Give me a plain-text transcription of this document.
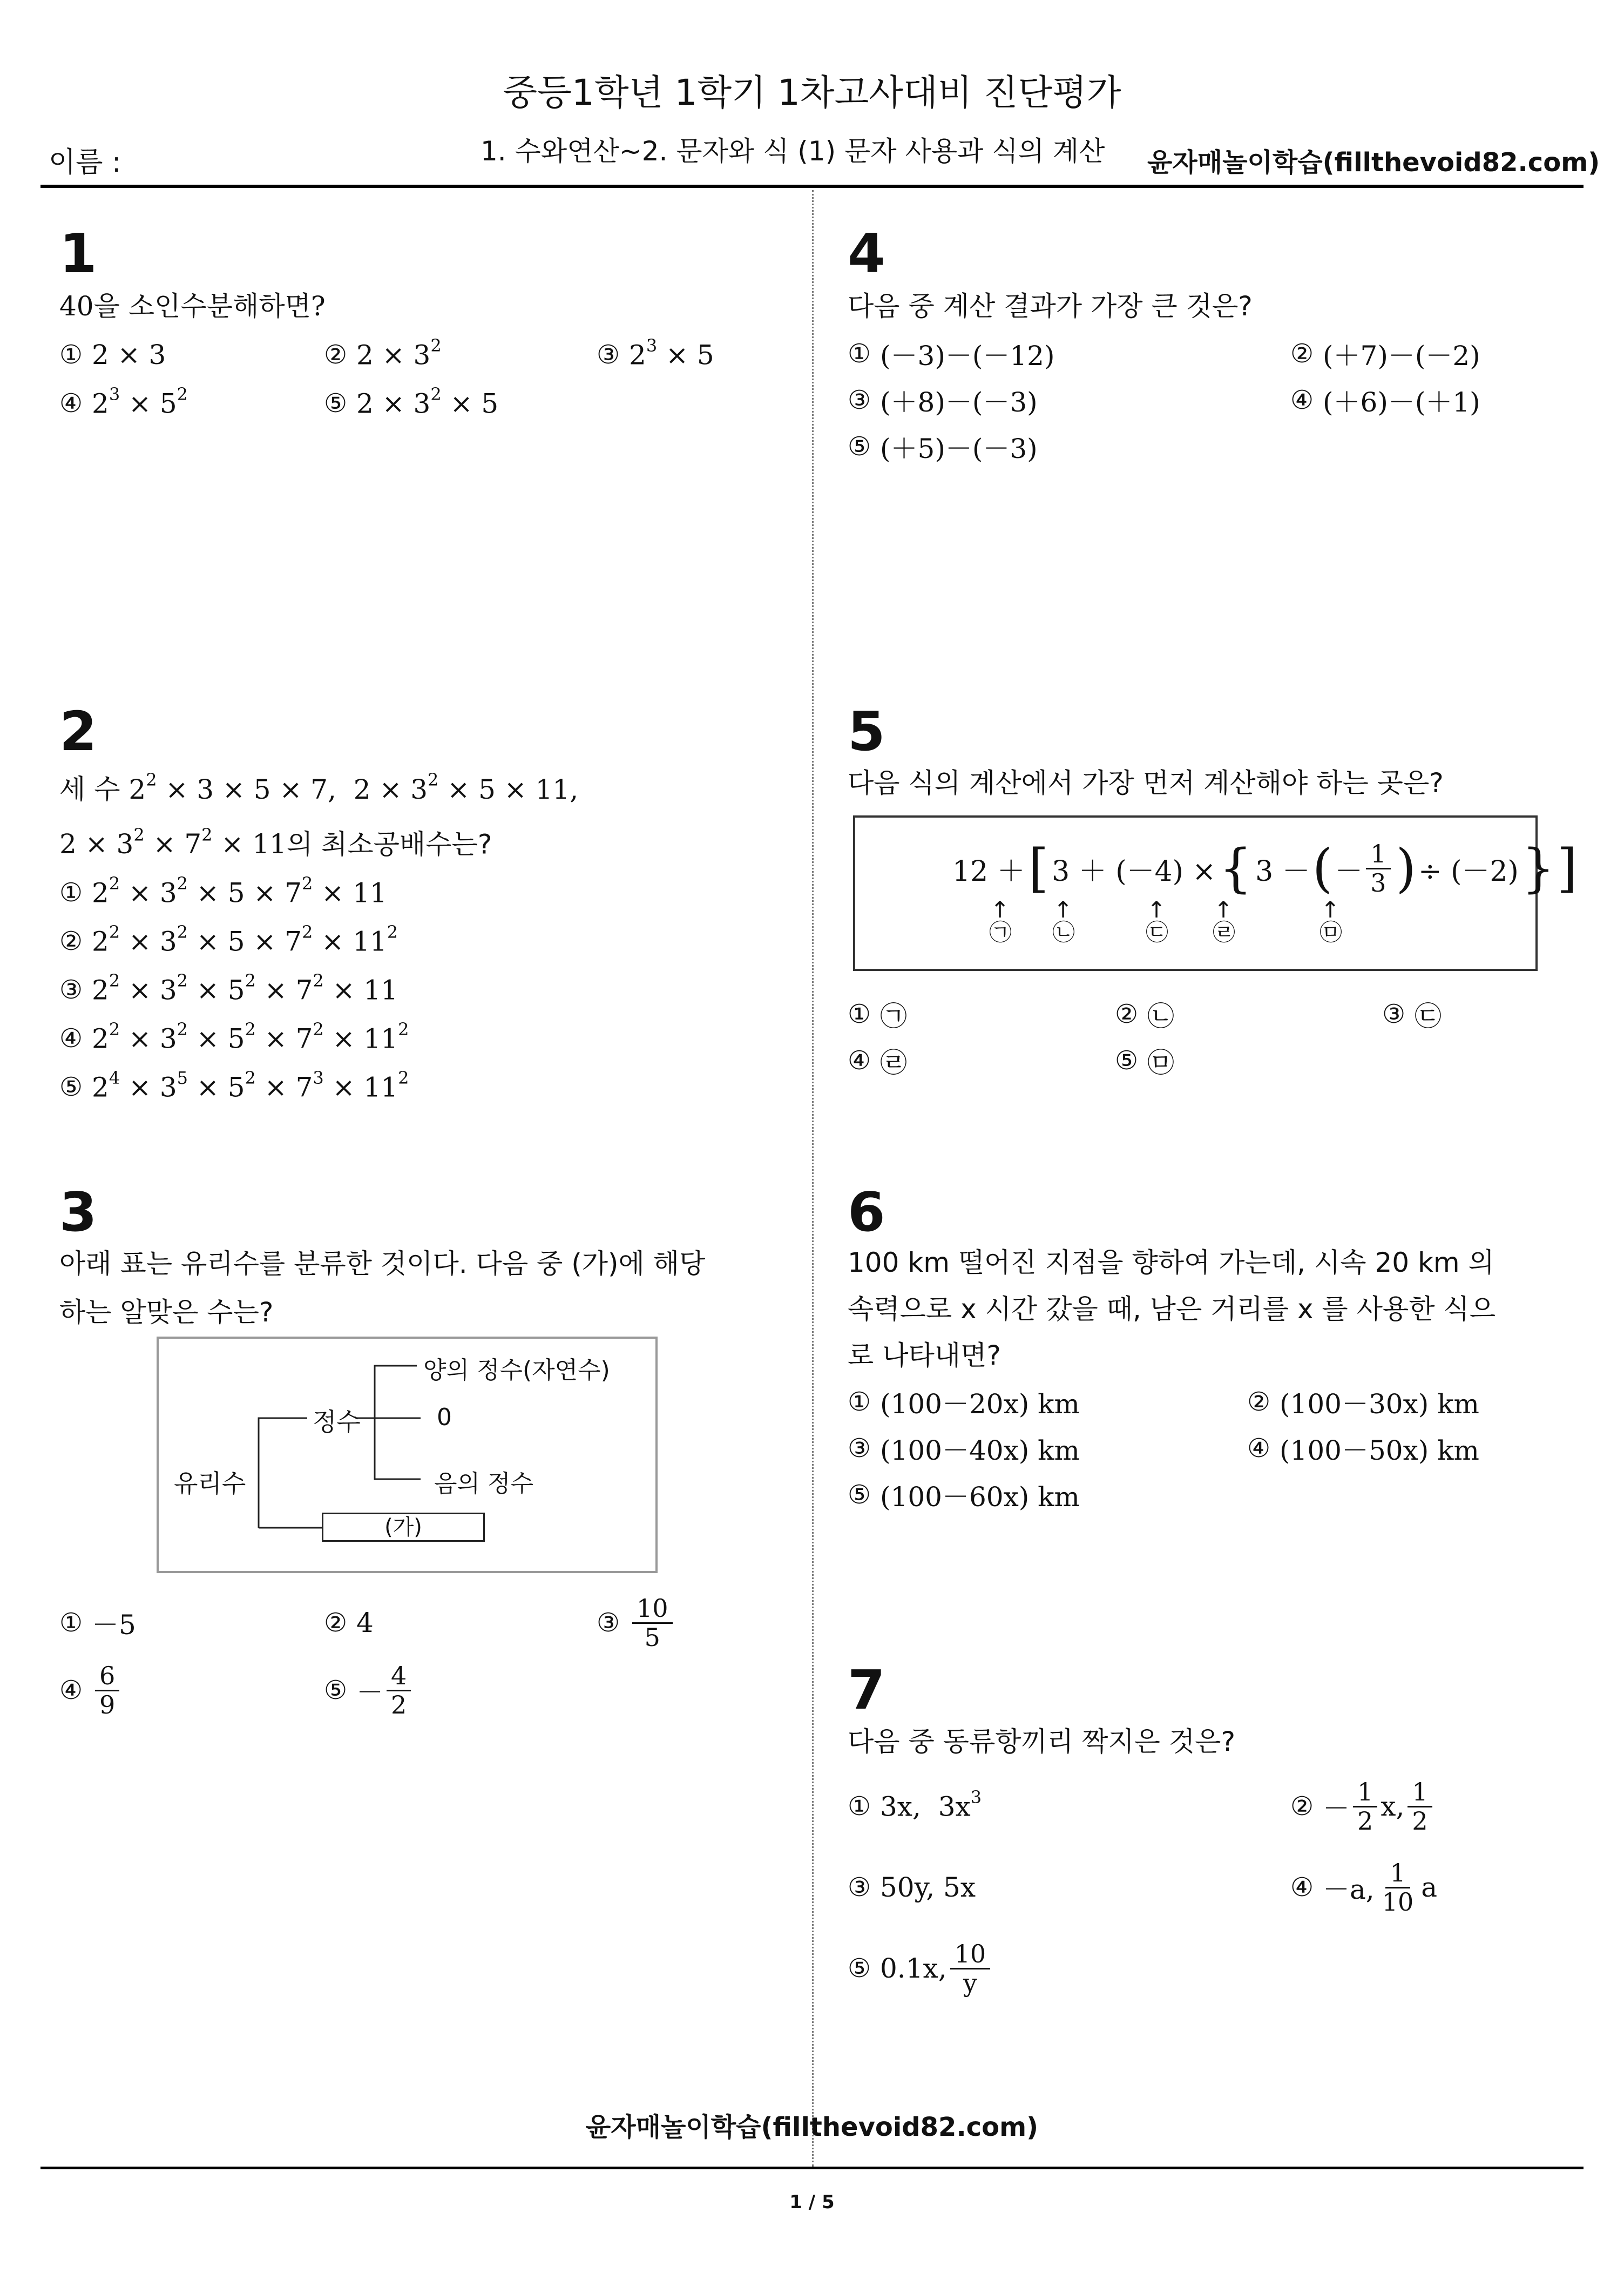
중등1학년 1학기 1차고사대비 진단평가
이름 :	1. 수와연산~2. 문자와 식 (1) 문자 사용과 식의 계산 윤자매놀이학습(fillthevoid82.com)
1
40을 소인수분해하면?
① 2 × 3	② $2 \times 3^2$	③ $2^3 \times 5$
④ $2^3 \times 5^2$	⑤ $2 \times 3^2 \times 5$
2
세 수 $2^2 \times 3 \times 5 \times 7$,  $2 \times 3^2 \times 5 \times 11$,
$2 \times 3^2 \times 7^2 \times 11$의 최소공배수는?
① $2^2 \times 3^2 \times 5 \times 7^2 \times 11$
② $2^2 \times 3^2 \times 5 \times 7^2 \times 11^2$
③ $2^2 \times 3^2 \times 5^2 \times 7^2 \times 11$
④ $2^2 \times 3^2 \times 5^2 \times 7^2 \times 11^2$
⑤ $2^4 \times 3^5 \times 5^2 \times 7^3 \times 11^2$
3
아래 표는 유리수를 분류한 것이다. 다음 중 (가)에 해당
하는 알맞은 수는?
유리수
정수
양의 정수(자연수)
0
음의 정수
(가)
① －5	② 4	③ $\frac{10}{5}$
④ $\frac{6}{9}$	⑤ － $\frac{4}{2}$
4
다음 중 계산 결과가 가장 큰 것은?
① (－3)－(－12)	② (＋7)－(－2)
③ (＋8)－(－3)	④ (＋6)－(＋1)
⑤ (＋5)－(－3)
5
다음 식의 계산에서 가장 먼저 계산해야 하는 곳은?
12 ＋ [ 3 ＋ (－4) × { 3 － ( － $\frac{1}{3}$ ) ÷ (－2) } ]
↑
㉠
↑
㉡
↑
㉢
↑
㉣
↑
㉤
① ㉠	② ㉡	③ ㉢
④ ㉣	⑤ ㉤
6
100 km 떨어진 지점을 향하여 가는데, 시속 20 km 의
속력으로 x 시간 갔을 때, 남은 거리를 x 를 사용한 식으
로 나타내면?
① (100－20x) km	② (100－30x) km
③ (100－40x) km	④ (100－50x) km
⑤ (100－60x) km
7
다음 중 동류항끼리 짝지은 것은?
① 3x,  $3x^3$	② － $\frac{1}{2} x$, $\frac{1}{2}$
③ 50y, 5x	④ －a, $\frac{1}{10}$ a
⑤ 0.1x, $\frac{10}{y}$
윤자매놀이학습(fillthevoid82.com)
1 / 5
